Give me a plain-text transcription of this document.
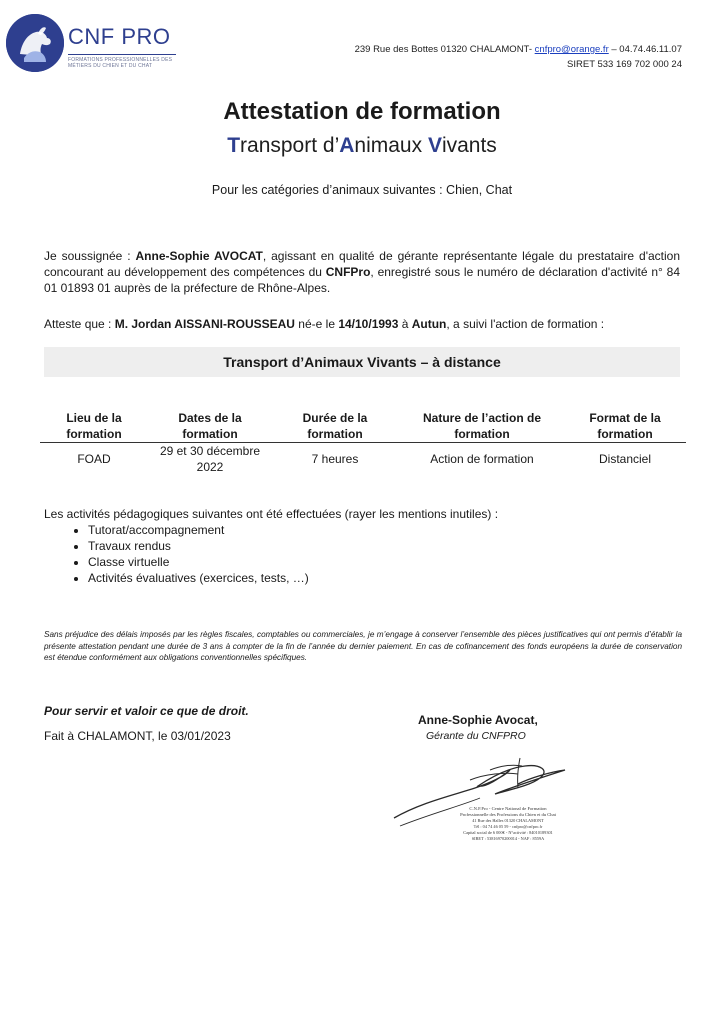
CNF PRO
FORMATIONS PROFESSIONNELLES DES MÉTIERS DU CHIEN ET DU CHAT
239 Rue des Bottes 01320 CHALAMONT- cnfpro@orange.fr – 04.74.46.11.07
SIRET 533 169 702 000 24
Attestation de formation
Transport d’Animaux Vivants
Pour les catégories d’animaux suivantes : Chien, Chat
Je soussignée : Anne-Sophie AVOCAT, agissant en qualité de gérante représentante légale du prestataire d'action concourant au développement des compétences du CNFPro, enregistré sous le numéro de déclaration d'activité n° 84 01 01893 01 auprès de la préfecture de Rhône-Alpes.
Atteste que : M. Jordan AISSANI-ROUSSEAU né-e le 14/10/1993 à Autun, a suivi l'action de formation :
Transport d’Animaux Vivants – à distance
Lieu de la
formation
Dates de la
formation
Durée de la
formation
Nature de l’action de
formation
Format de la
formation
FOAD
29 et 30 décembre
2022
7 heures	Action de formation	Distanciel
Les activités pédagogiques suivantes ont été effectuées (rayer les mentions inutiles) :
• Tutorat/accompagnement
• Travaux rendus
• Classe virtuelle
• Activités évaluatives (exercices, tests, …)
Sans préjudice des délais imposés par les règles fiscales, comptables ou commerciales, je m’engage à conserver l’ensemble des pièces justificatives qui ont permis d’établir la présente attestation pendant une durée de 3 ans à compter de la fin de l’année du dernier paiement. En cas de cofinancement des fonds européens la durée de conservation est étendue conformément aux obligations conventionnelles spécifiques.
Pour servir et valoir ce que de droit.
Fait à CHALAMONT, le 03/01/2023
Anne-Sophie Avocat,
Gérante du CNFPRO
C.N.F.Pro - Centre National de Formation
Professionnelle des Professions du Chien et du Chat
41 Rue des Halles 01320 CHALAMONT
Tél : 04 74 46 05 59 - cnfpro@cnfpro.fr
Capital social de 6 000€ - N°activité : 84010189301
SIRET : 53816970200014 - NAF : 8559A
